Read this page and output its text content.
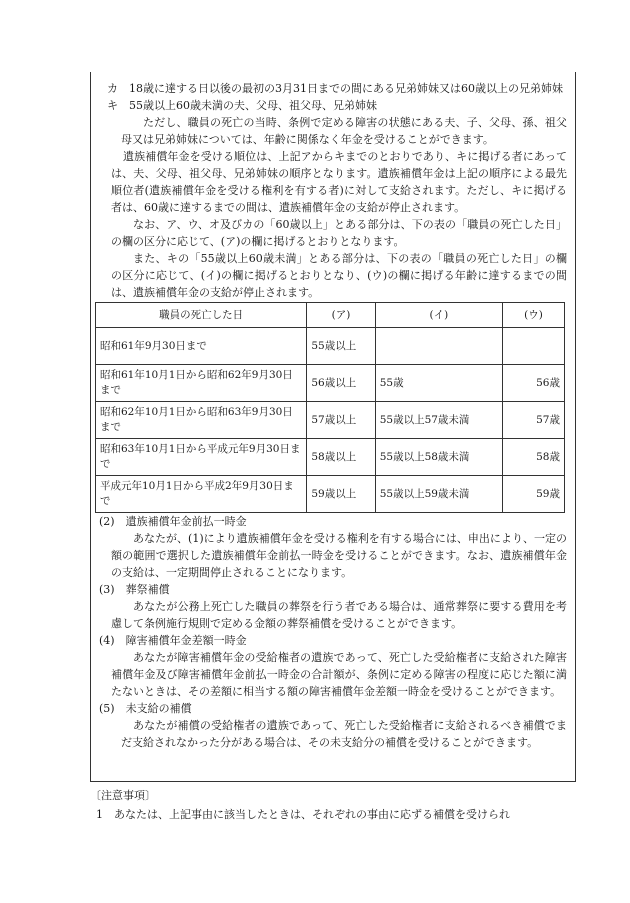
カ　 18歳に達する日以後の最初の3月31日までの間にある兄弟姉妹又は60歳以上の兄弟姉妹

キ　 55歳以上60歳未満の夫、父母、祖父母、兄弟姉妹

ただし、職員の死亡の当時、条例で定める障害の状態にある夫、子、父母、孫、祖父母又は兄弟姉妹については、年齢に関係なく年金を受けることができます。

遺族補償年金を受ける順位は、上記アからキまでのとおりであり、キに掲げる者にあっては、夫、父母、祖父母、兄弟姉妹の順序となります。遺族補償年金は上記の順序による最先順位者(遺族補償年金を受ける権利を有する者)に対して支給されます。ただし、キに掲げる者は、60歳に達するまでの間は、遺族補償年金の支給が停止されます。

なお、ア、ウ、オ及びカの「60歳以上」とある部分は、下の表の「職員の死亡した日」の欄の区分に応じて、(ア)の欄に掲げるとおりとなります。

また、キの「55歳以上60歳未満」とある部分は、下の表の「職員の死亡した日」の欄の区分に応じて、(イ)の欄に掲げるとおりとなり、(ウ)の欄に掲げる年齢に達するまでの間は、遺族補償年金の支給が停止されます。

職員の死亡した日	(ア)	(イ)	(ウ)
昭和61年9月30日まで	55歳以上		
昭和61年10月1日から昭和62年9月30日まで	56歳以上	55歳	56歳
昭和62年10月1日から昭和63年9月30日まで	57歳以上	55歳以上57歳未満	57歳
昭和63年10月1日から平成元年9月30日まで	58歳以上	55歳以上58歳未満	58歳
平成元年10月1日から平成2年9月30日まで	59歳以上	55歳以上59歳未満	59歳

(2)　遺族補償年金前払一時金

あなたが、(1)により遺族補償年金を受ける権利を有する場合には、申出により、一定の額の範囲で選択した遺族補償年金前払一時金を受けることができます。なお、遺族補償年金の支給は、一定期間停止されることになります。

(3)　葬祭補償

あなたが公務上死亡した職員の葬祭を行う者である場合は、通常葬祭に要する費用を考慮して条例施行規則で定める金額の葬祭補償を受けることができます。

(4)　障害補償年金差額一時金

あなたが障害補償年金の受給権者の遺族であって、死亡した受給権者に支給された障害補償年金及び障害補償年金前払一時金の合計額が、条例に定める障害の程度に応じた額に満たないときは、その差額に相当する額の障害補償年金差額一時金を受けることができます。

(5)　未支給の補償

あなたが補償の受給権者の遺族であって、死亡した受給権者に支給されるべき補償でまだ支給されなかった分がある場合は、その未支給分の補償を受けることができます。

〔注意事項〕

1　あなたは、上記事由に該当したときは、それぞれの事由に応ずる補償を受けられ
